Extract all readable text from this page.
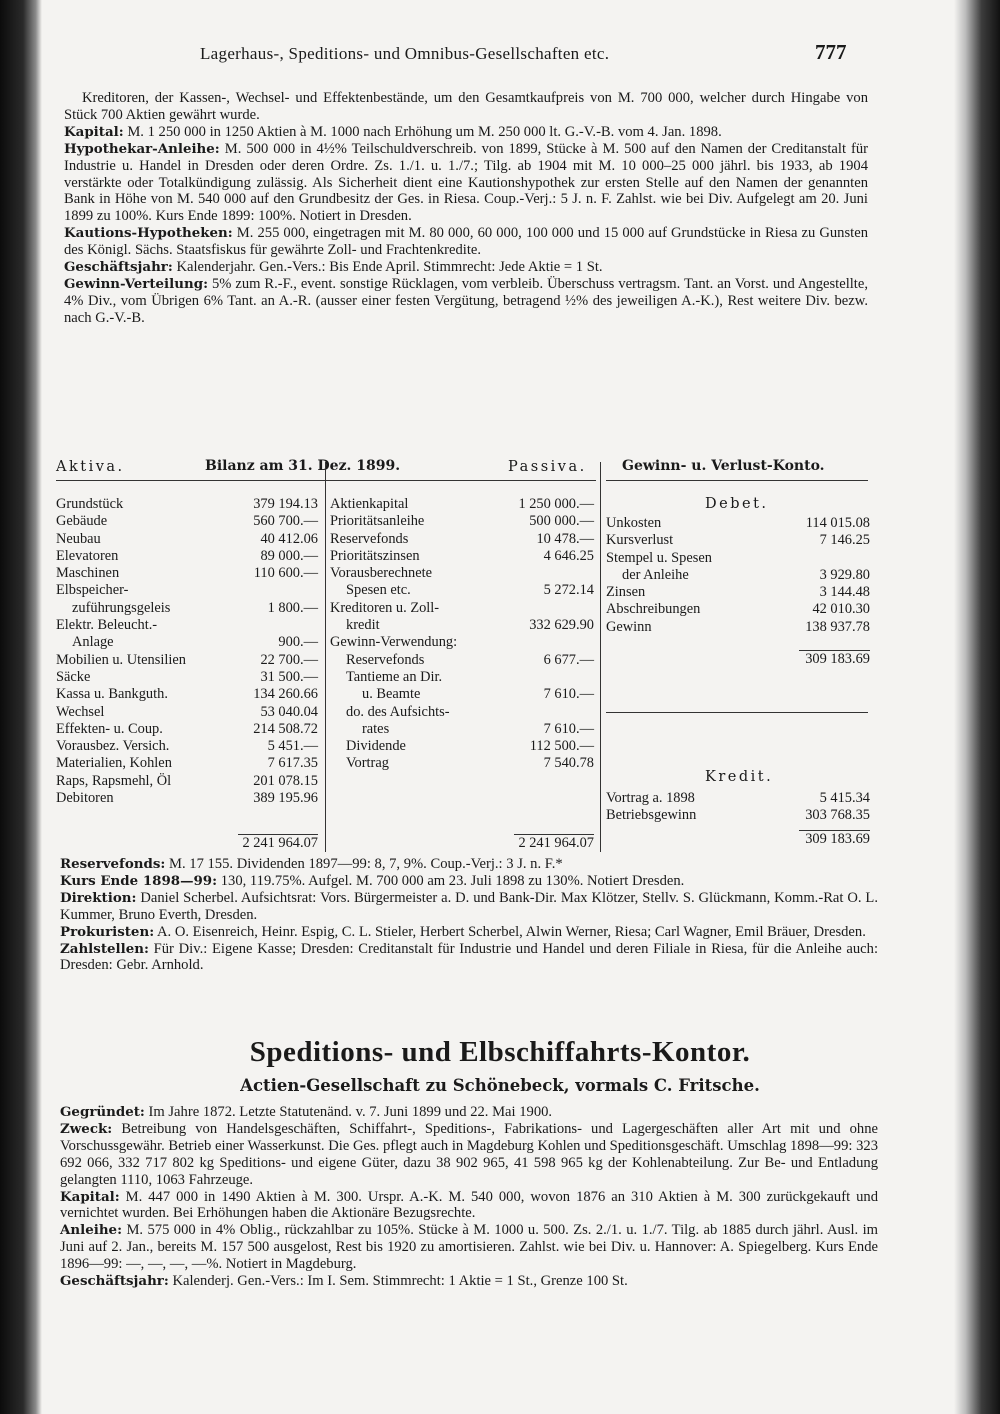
Lagerhaus-, Speditions- und Omnibus-Gesellschaften etc.	777

Kreditoren, der Kassen-, Wechsel- und Effektenbestände, um den Gesamtkaufpreis von M. 700 000, welcher durch Hingabe von Stück 700 Aktien gewährt wurde.

Kapital: M. 1 250 000 in 1250 Aktien à M. 1000 nach Erhöhung um M. 250 000 lt. G.-V.-B. vom 4. Jan. 1898.

Hypothekar-Anleihe: M. 500 000 in 4½% Teilschuldverschreib. von 1899, Stücke à M. 500 auf den Namen der Creditanstalt für Industrie u. Handel in Dresden oder deren Ordre. Zs. 1./1. u. 1./7.; Tilg. ab 1904 mit M. 10 000–25 000 jährl. bis 1933, ab 1904 verstärkte oder Totalkündigung zulässig. Als Sicherheit dient eine Kautionshypothek zur ersten Stelle auf den Namen der genannten Bank in Höhe von M. 540 000 auf den Grundbesitz der Ges. in Riesa. Coup.-Verj.: 5 J. n. F. Zahlst. wie bei Div. Aufgelegt am 20. Juni 1899 zu 100%. Kurs Ende 1899: 100%. Notiert in Dresden.

Kautions-Hypotheken: M. 255 000, eingetragen mit M. 80 000, 60 000, 100 000 und 15 000 auf Grundstücke in Riesa zu Gunsten des Königl. Sächs. Staatsfiskus für gewährte Zoll- und Frachtenkredite.

Geschäftsjahr: Kalenderjahr. Gen.-Vers.: Bis Ende April. Stimmrecht: Jede Aktie = 1 St.

Gewinn-Verteilung: 5% zum R.-F., event. sonstige Rücklagen, vom verbleib. Überschuss vertragsm. Tant. an Vorst. und Angestellte, 4% Div., vom Übrigen 6% Tant. an A.-R. (ausser einer festen Vergütung, betragend ½% des jeweiligen A.-K.), Rest weitere Div. bezw. nach G.-V.-B.

Aktiva.	Bilanz am 31. Dez. 1899.	Passiva.	Gewinn- u. Verlust-Konto.
Grundstück	379 194.13
Gebäude	560 700.—
Neubau	40 412.06
Elevatoren	89 000.—
Maschinen	110 600.—
Elbspeicher-
zuführungsgeleis	1 800.—
Elektr. Beleucht.-
Anlage	900.—
Mobilien u. Utensilien	22 700.—
Säcke	31 500.—
Kassa u. Bankguth.	134 260.66
Wechsel	53 040.04
Effekten- u. Coup.	214 508.72
Vorausbez. Versich.	5 451.—
Materialien, Kohlen	7 617.35
Raps, Rapsmehl, Öl	201 078.15
Debitoren	389 195.96
2 241 964.07
Aktienkapital	1 250 000.—
Prioritätsanleihe	500 000.—
Reservefonds	10 478.—
Prioritätszinsen	4 646.25
Vorausberechnete
Spesen etc.	5 272.14
Kreditoren u. Zoll-
kredit	332 629.90
Gewinn-Verwendung:
Reservefonds	6 677.—
Tantieme an Dir.
u. Beamte	7 610.—
do. des Aufsichts-
rates	7 610.—
Dividende	112 500.—
Vortrag	7 540.78
2 241 964.07
Debet.
Unkosten	114 015.08
Kursverlust	7 146.25
Stempel u. Spesen
der Anleihe	3 929.80
Zinsen	3 144.48
Abschreibungen	42 010.30
Gewinn	138 937.78
309 183.69
Kredit.
Vortrag a. 1898	5 415.34
Betriebsgewinn	303 768.35
309 183.69

Reservefonds: M. 17 155. Dividenden 1897—99: 8, 7, 9%. Coup.-Verj.: 3 J. n. F.*

Kurs Ende 1898—99: 130, 119.75%. Aufgel. M. 700 000 am 23. Juli 1898 zu 130%. Notiert Dresden.

Direktion: Daniel Scherbel. Aufsichtsrat: Vors. Bürgermeister a. D. und Bank-Dir. Max Klötzer, Stellv. S. Glückmann, Komm.-Rat O. L. Kummer, Bruno Everth, Dresden.

Prokuristen: A. O. Eisenreich, Heinr. Espig, C. L. Stieler, Herbert Scherbel, Alwin Werner, Riesa; Carl Wagner, Emil Bräuer, Dresden.

Zahlstellen: Für Div.: Eigene Kasse; Dresden: Creditanstalt für Industrie und Handel und deren Filiale in Riesa, für die Anleihe auch: Dresden: Gebr. Arnhold.

Speditions- und Elbschiffahrts-Kontor.
Actien-Gesellschaft zu Schönebeck, vormals C. Fritsche.

Gegründet: Im Jahre 1872. Letzte Statutenänd. v. 7. Juni 1899 und 22. Mai 1900.

Zweck: Betreibung von Handelsgeschäften, Schiffahrt-, Speditions-, Fabrikations- und Lagergeschäften aller Art mit und ohne Vorschussgewähr. Betrieb einer Wasserkunst. Die Ges. pflegt auch in Magdeburg Kohlen und Speditionsgeschäft. Umschlag 1898—99: 323 692 066, 332 717 802 kg Speditions- und eigene Güter, dazu 38 902 965, 41 598 965 kg der Kohlenabteilung. Zur Be- und Entladung gelangten 1110, 1063 Fahrzeuge.

Kapital: M. 447 000 in 1490 Aktien à M. 300. Urspr. A.-K. M. 540 000, wovon 1876 an 310 Aktien à M. 300 zurückgekauft und vernichtet wurden. Bei Erhöhungen haben die Aktionäre Bezugsrechte.

Anleihe: M. 575 000 in 4% Oblig., rückzahlbar zu 105%. Stücke à M. 1000 u. 500. Zs. 2./1. u. 1./7. Tilg. ab 1885 durch jährl. Ausl. im Juni auf 2. Jan., bereits M. 157 500 ausgelost, Rest bis 1920 zu amortisieren. Zahlst. wie bei Div. u. Hannover: A. Spiegelberg. Kurs Ende 1896—99: —, —, —, —%. Notiert in Magdeburg.

Geschäftsjahr: Kalenderj. Gen.-Vers.: Im I. Sem. Stimmrecht: 1 Aktie = 1 St., Grenze 100 St.
